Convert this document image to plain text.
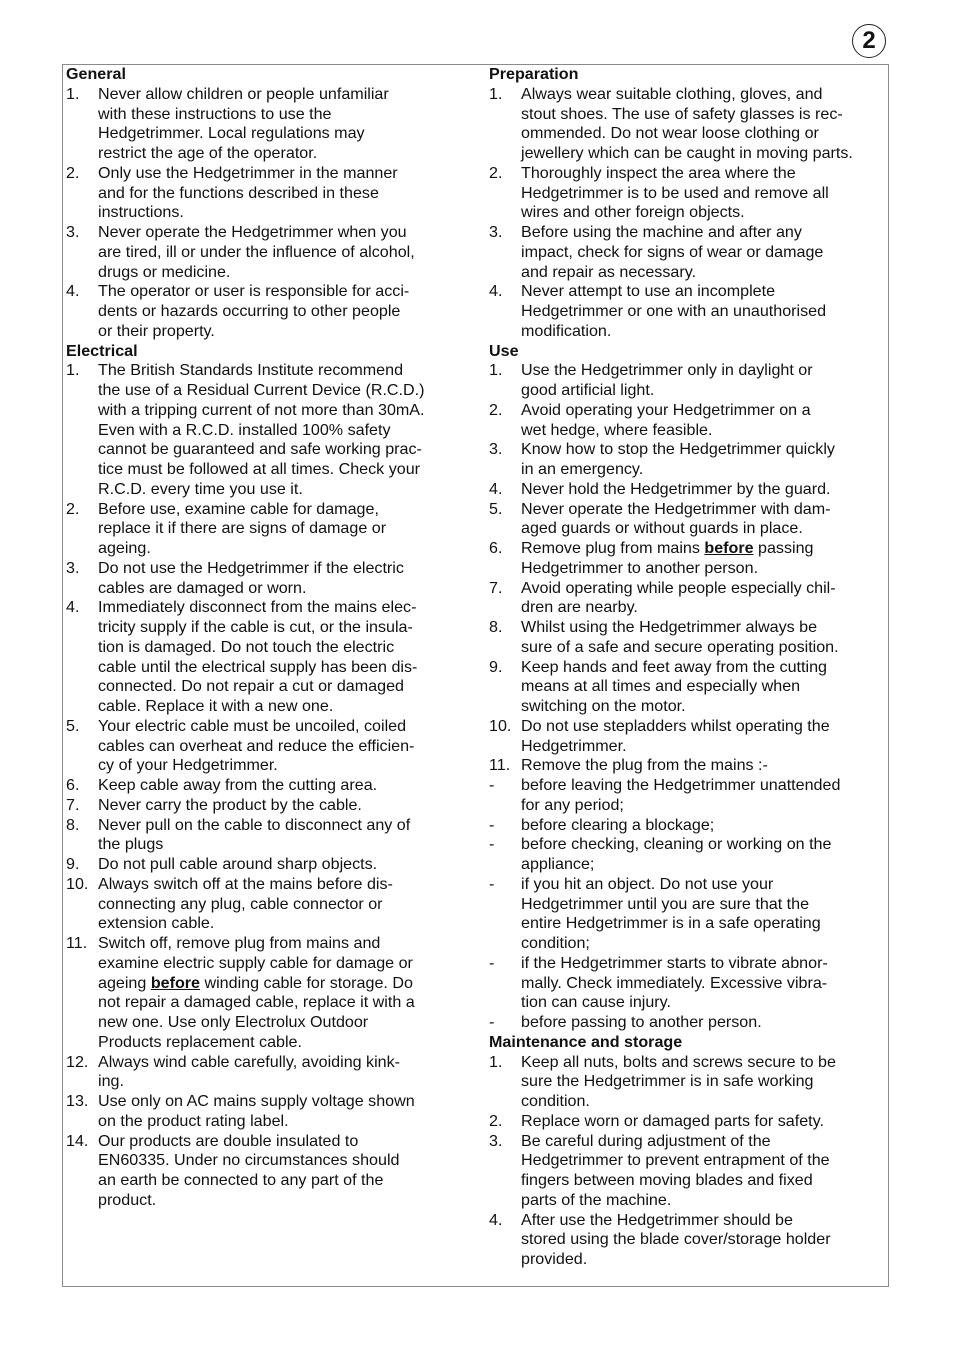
2
General
1.	Never allow children or people unfamiliar
with these instructions to use the
Hedgetrimmer. Local regulations may
restrict the age of the operator.
2.	Only use the Hedgetrimmer in the manner
and for the functions described in these
instructions.
3.	Never operate the Hedgetrimmer when you
are tired, ill or under the influence of alcohol,
drugs or medicine.
4.	The operator or user is responsible for acci-
dents or hazards occurring to other people
or their property.
Electrical
1.	The British Standards Institute recommend
the use of a Residual Current Device (R.C.D.)
with a tripping current of not more than 30mA.
Even with a R.C.D. installed 100% safety
cannot be guaranteed and safe working prac-
tice must be followed at all times. Check your
R.C.D. every time you use it.
2.	Before use, examine cable for damage,
replace it if there are signs of damage or
ageing.
3.	Do not use the Hedgetrimmer if the electric
cables are damaged or worn.
4.	Immediately disconnect from the mains elec-
tricity supply if the cable is cut, or the insula-
tion is damaged. Do not touch the electric
cable until the electrical supply has been dis-
connected. Do not repair a cut or damaged
cable. Replace it with a new one.
5.	Your electric cable must be uncoiled, coiled
cables can overheat and reduce the efficien-
cy of your Hedgetrimmer.
6.	Keep cable away from the cutting area.
7.	Never carry the product by the cable.
8.	Never pull on the cable to disconnect any of
the plugs
9.	Do not pull cable around sharp objects.
10. Always switch off at the mains before dis-
connecting any plug, cable connector or
extension cable.
11. Switch off, remove plug from mains and
examine electric supply cable for damage or
ageing before winding cable for storage. Do
not repair a damaged cable, replace it with a
new one. Use only Electrolux Outdoor
Products replacement cable.
12. Always wind cable carefully, avoiding kink-
ing.
13. Use only on AC mains supply voltage shown
on the product rating label.
14. Our products are double insulated to
EN60335. Under no circumstances should
an earth be connected to any part of the
product.
Preparation
1.	Always wear suitable clothing, gloves, and
stout shoes. The use of safety glasses is rec-
ommended. Do not wear loose clothing or
jewellery which can be caught in moving parts.
2.	Thoroughly inspect the area where the
Hedgetrimmer is to be used and remove all
wires and other foreign objects.
3.	Before using the machine and after any
impact, check for signs of wear or damage
and repair as necessary.
4.	Never attempt to use an incomplete
Hedgetrimmer or one with an unauthorised
modification.
Use
1.	Use the Hedgetrimmer only in daylight or
good artificial light.
2.	Avoid operating your Hedgetrimmer on a
wet hedge, where feasible.
3.	Know how to stop the Hedgetrimmer quickly
in an emergency.
4.	Never hold the Hedgetrimmer by the guard.
5.	Never operate the Hedgetrimmer with dam-
aged guards or without guards in place.
6.	Remove plug from mains before passing
Hedgetrimmer to another person.
7.	Avoid operating while people especially chil-
dren are nearby.
8.	Whilst using the Hedgetrimmer always be
sure of a safe and secure operating position.
9.	Keep hands and feet away from the cutting
means at all times and especially when
switching on the motor.
10. Do not use stepladders whilst operating the
Hedgetrimmer.
11. Remove the plug from the mains :-
-	before leaving the Hedgetrimmer unattended
for any period;
-	before clearing a blockage;
-	before checking, cleaning or working on the
appliance;
-	if you hit an object. Do not use your
Hedgetrimmer until you are sure that the
entire Hedgetrimmer is in a safe operating
condition;
-	if the Hedgetrimmer starts to vibrate abnor-
mally. Check immediately. Excessive vibra-
tion can cause injury.
-	before passing to another person.
Maintenance and storage
1.	Keep all nuts, bolts and screws secure to be
sure the Hedgetrimmer is in safe working
condition.
2.	Replace worn or damaged parts for safety.
3.	Be careful during adjustment of the
Hedgetrimmer to prevent entrapment of the
fingers between moving blades and fixed
parts of the machine.
4.	After use the Hedgetrimmer should be
stored using the blade cover/storage holder
provided.
